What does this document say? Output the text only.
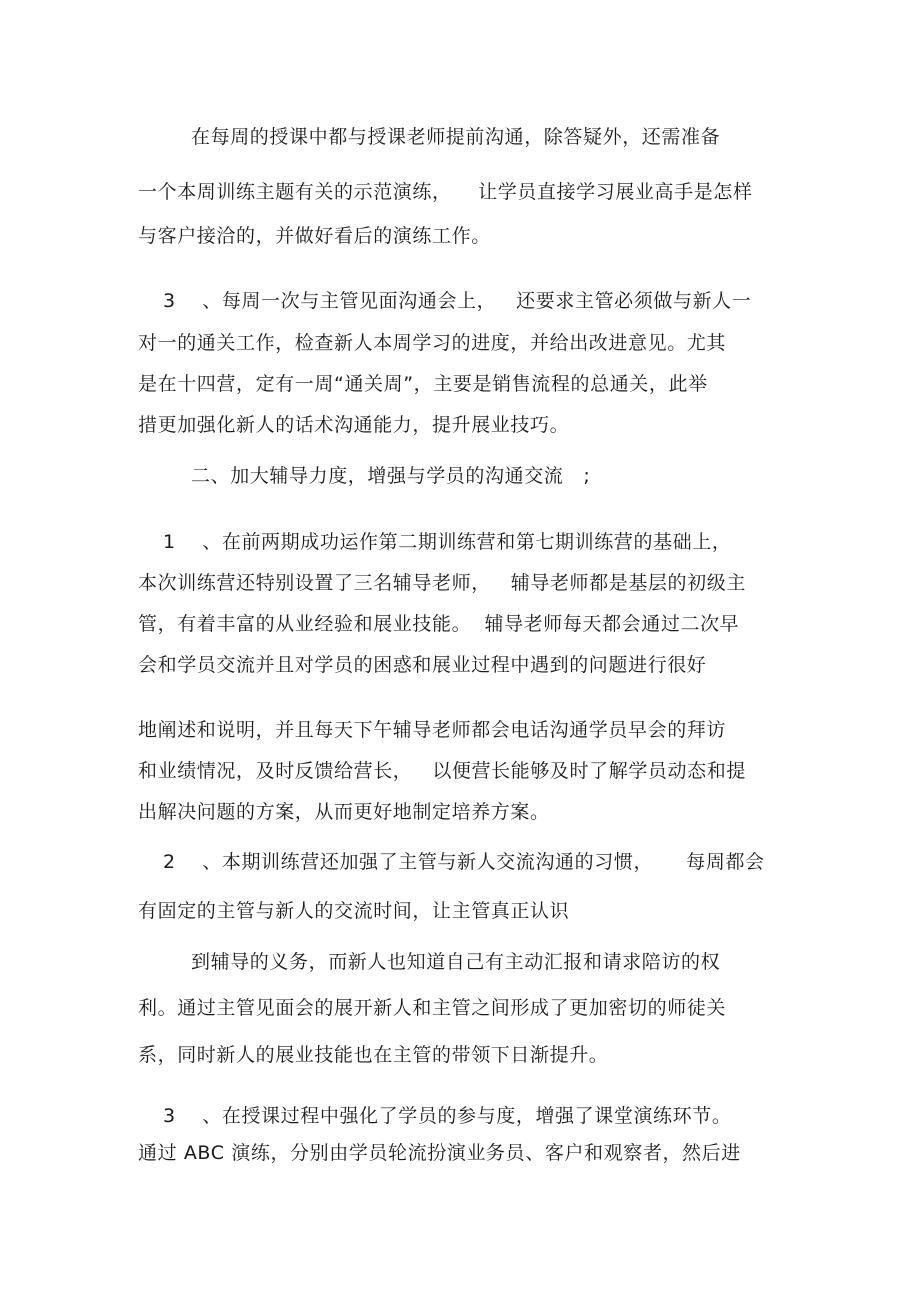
在每周的授课中都与授课老师提前沟通，除答疑外，还需准备
一个本周训练主题有关的示范演练，    让学员直接学习展业高手是怎样
与客户接洽的，并做好看后的演练工作。
3    、每周一次与主管见面沟通会上，   还要求主管必须做与新人一
对一的通关工作，检查新人本周学习的进度，并给出改进意见。尤其
是在十四营，定有一周“通关周”，主要是销售流程的总通关，此举
措更加强化新人的话术沟通能力，提升展业技巧。
二、加大辅导力度，增强与学员的沟通交流   ;
1    、在前两期成功运作第二期训练营和第七期训练营的基础上，
本次训练营还特别设置了三名辅导老师，   辅导老师都是基层的初级主
管，有着丰富的从业经验和展业技能。  辅导老师每天都会通过二次早
会和学员交流并且对学员的困惑和展业过程中遇到的问题进行很好
地阐述和说明，并且每天下午辅导老师都会电话沟通学员早会的拜访
和业绩情况，及时反馈给营长，   以便营长能够及时了解学员动态和提
出解决问题的方案，从而更好地制定培养方案。
2    、本期训练营还加强了主管与新人交流沟通的习惯，     每周都会
有固定的主管与新人的交流时间，让主管真正认识
到辅导的义务，而新人也知道自己有主动汇报和请求陪访的权
利。通过主管见面会的展开新人和主管之间形成了更加密切的师徒关
系，同时新人的展业技能也在主管的带领下日渐提升。
3    、在授课过程中强化了学员的参与度，增强了课堂演练环节。
通过 ABC 演练，分别由学员轮流扮演业务员、客户和观察者，然后进
